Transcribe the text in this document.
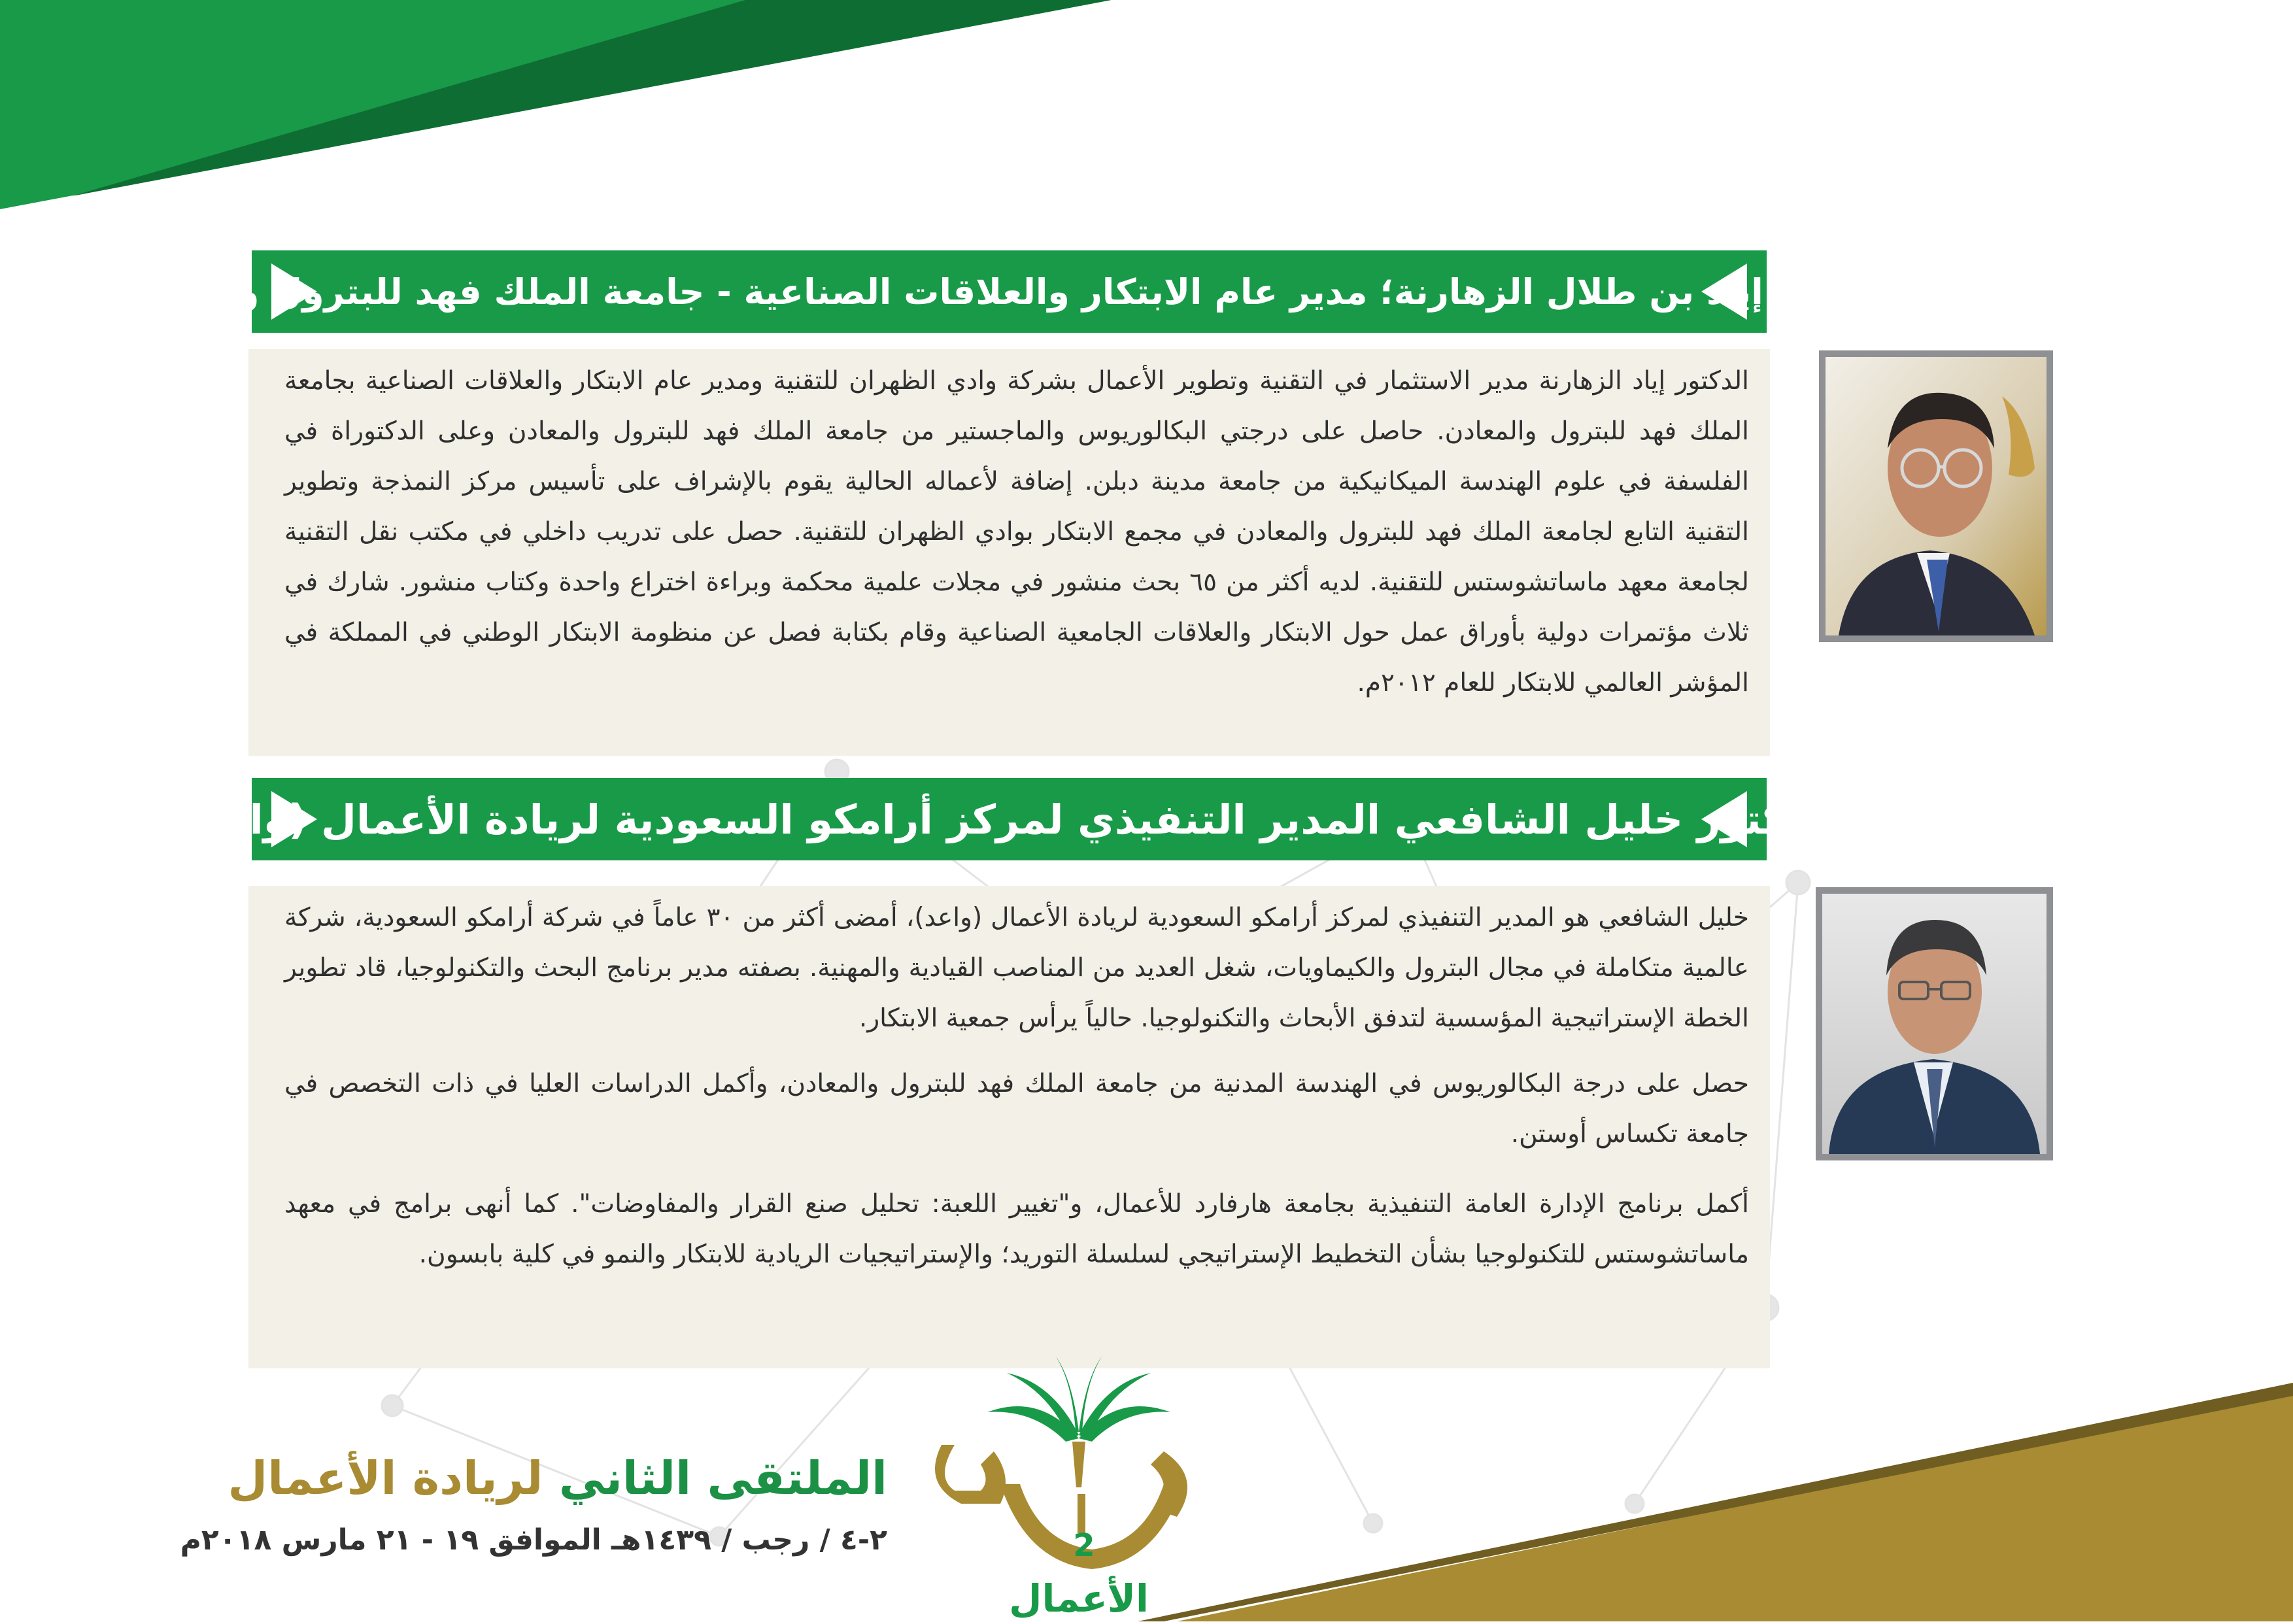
الدكتور/ إياد بن طلال الزهارنة؛ مدير عام الابتكار والعلاقات الصناعية - جامعة الملك فهد للبترول والمعادن

الدكتور إياد الزهارنة مدير الاستثمار في التقنية وتطوير الأعمال بشركة وادي الظهران للتقنية ومدير عام الابتكار والعلاقات الصناعية بجامعة الملك فهد للبترول والمعادن. حاصل على درجتي البكالوريوس والماجستير من جامعة الملك فهد للبترول والمعادن وعلى الدكتوراة في الفلسفة في علوم الهندسة الميكانيكية من جامعة مدينة دبلن. إضافة لأعماله الحالية يقوم بالإشراف على تأسيس مركز النمذجة وتطوير التقنية التابع لجامعة الملك فهد للبترول والمعادن في مجمع الابتكار بوادي الظهران للتقنية. حصل على تدريب داخلي في مكتب نقل التقنية لجامعة معهد ماساتشوستس للتقنية. لديه أكثر من ٦٥ بحث منشور في مجلات علمية محكمة وبراءة اختراع واحدة وكتاب منشور. شارك في ثلاث مؤتمرات دولية بأوراق عمل حول الابتكار والعلاقات الجامعية الصناعية وقام بكتابة فصل عن منظومة الابتكار الوطني في المملكة في المؤشر العالمي للابتكار للعام ٢٠١٢م.

الدكتور خليل الشافعي المدير التنفيذي لمركز أرامكو السعودية لريادة الأعمال (واعد)

خليل الشافعي هو المدير التنفيذي لمركز أرامكو السعودية لريادة الأعمال (واعد)، أمضى أكثر من ٣٠ عاماً في شركة أرامكو السعودية، شركة عالمية متكاملة في مجال البترول والكيماويات، شغل العديد من المناصب القيادية والمهنية. بصفته مدير برنامج البحث والتكنولوجيا، قاد تطوير الخطة الإستراتيجية المؤسسية لتدفق الأبحاث والتكنولوجيا. حالياً يرأس جمعية الابتكار.

حصل على درجة البكالوريوس في الهندسة المدنية من جامعة الملك فهد للبترول والمعادن، وأكمل الدراسات العليا في ذات التخصص في جامعة تكساس أوستن.

أكمل برنامج الإدارة العامة التنفيذية بجامعة هارفارد للأعمال، و"تغيير اللعبة: تحليل صنع القرار والمفاوضات". كما أنهى برامج في معهد ماساتشوستس للتكنولوجيا بشأن التخطيط الإستراتيجي لسلسلة التوريد؛ والإستراتيجيات الريادية للابتكار والنمو في كلية بابسون.

الملتقى الثاني لريادة الأعمال
٢-٤ / رجب / ١٤٣٩هـ الموافق ١٩ - ٢١ مارس ٢٠١٨م	2
الأعمال
